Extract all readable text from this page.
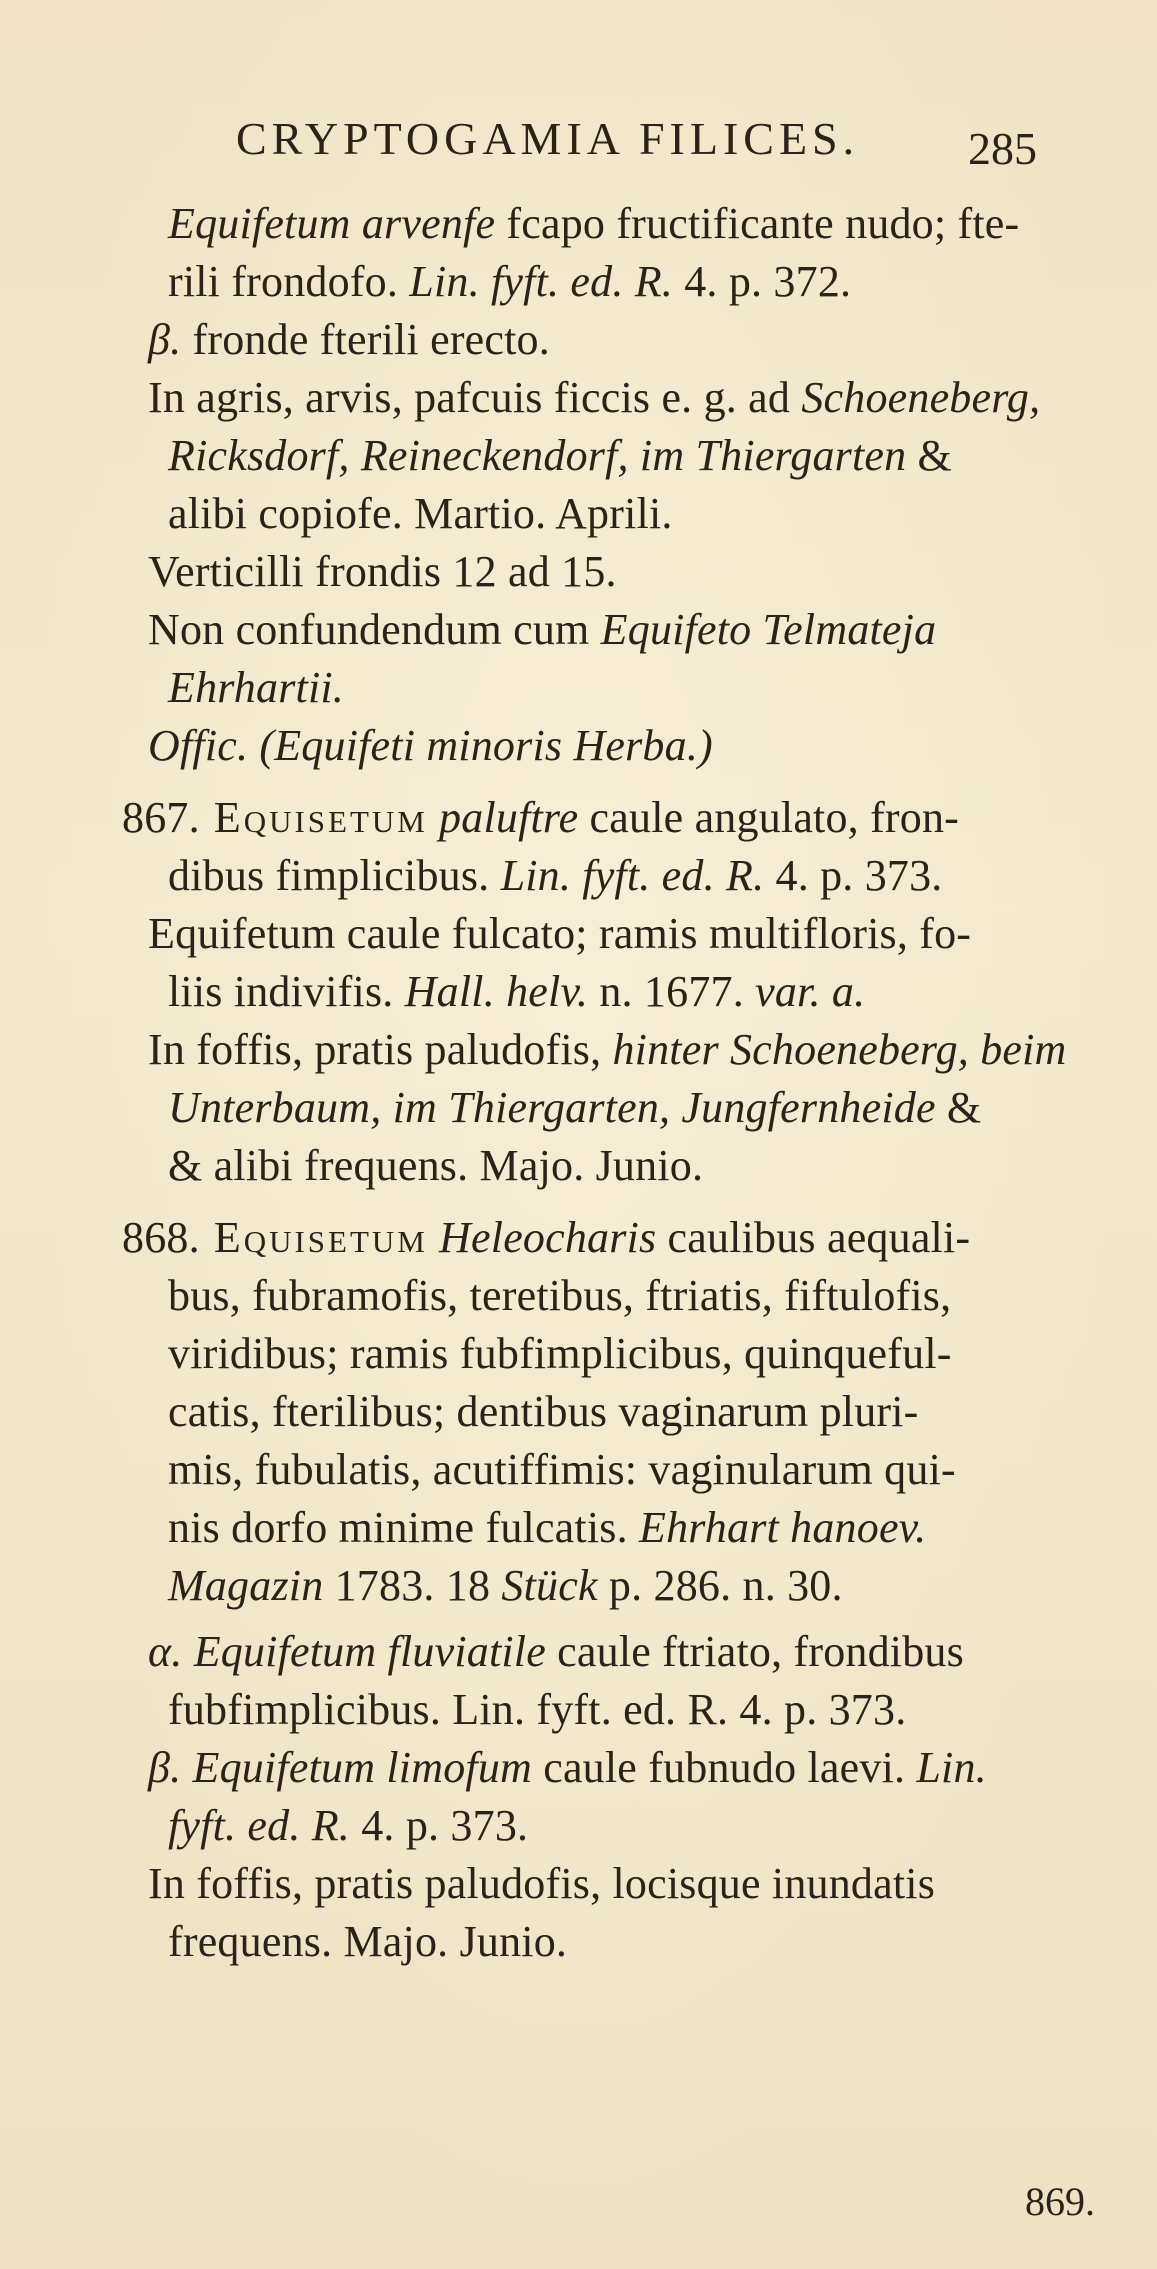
CRYPTOGAMIA FILICES. 285
Equifetum arvenfe fcapo fructificante nudo; fte-
rili frondofo. Lin. fyft. ed. R. 4. p. 372.
β. fronde fterili erecto.
In agris, arvis, pafcuis ficcis e. g. ad Schoeneberg,
Ricksdorf, Reineckendorf, im Thiergarten &
alibi copiofe. Martio. Aprili.
Verticilli frondis 12 ad 15.
Non confundendum cum Equifeto Telmateja
Ehrhartii.
Offic. (Equifeti minoris Herba.)
867. Equisetum paluftre caule angulato, fron-
dibus fimplicibus. Lin. fyft. ed. R. 4. p. 373.
Equifetum caule fulcato; ramis multifloris, fo-
liis indivifis. Hall. helv. n. 1677. var. a.
In foffis, pratis paludofis, hinter Schoeneberg, beim
Unterbaum, im Thiergarten, Jungfernheide &
& alibi frequens. Majo. Junio.
868. Equisetum Heleocharis caulibus aequali-
bus, fubramofis, teretibus, ftriatis, fiftulofis,
viridibus; ramis fubfimplicibus, quinqueful-
catis, fterilibus; dentibus vaginarum pluri-
mis, fubulatis, acutiffimis: vaginularum qui-
nis dorfo minime fulcatis. Ehrhart hanoev.
Magazin 1783. 18 Stück p. 286. n. 30.
α. Equifetum fluviatile caule ftriato, frondibus
fubfimplicibus. Lin. fyft. ed. R. 4. p. 373.
β. Equifetum limofum caule fubnudo laevi. Lin.
fyft. ed. R. 4. p. 373.
In foffis, pratis paludofis, locisque inundatis
frequens. Majo. Junio.
869.
